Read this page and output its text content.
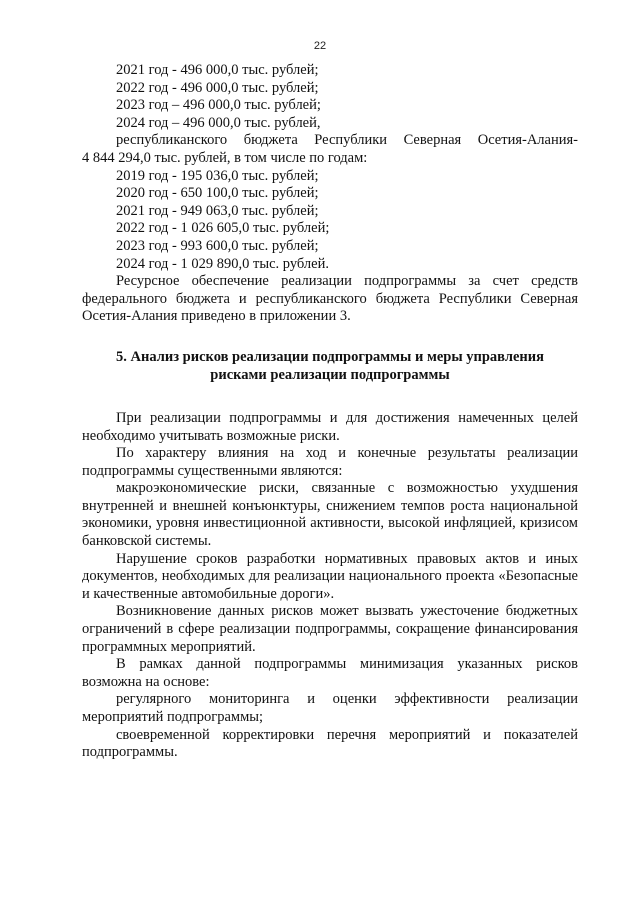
22
2021 год - 496 000,0 тыс. рублей;
2022 год - 496 000,0 тыс. рублей;
2023 год – 496 000,0 тыс. рублей;
2024 год – 496 000,0 тыс. рублей,
республиканского бюджета Республики Северная Осетия-Алания-
4 844 294,0 тыс. рублей, в том числе по годам:
2019 год - 195 036,0 тыс. рублей;
2020 год - 650 100,0 тыс. рублей;
2021 год - 949 063,0 тыс. рублей;
2022 год - 1 026 605,0 тыс. рублей;
2023 год - 993 600,0 тыс. рублей;
2024 год - 1 029 890,0 тыс. рублей.
Ресурсное обеспечение реализации подпрограммы за счет средств федерального бюджета и республиканского бюджета Республики Северная Осетия-Алания приведено в приложении 3.
5. Анализ рисков реализации подпрограммы и меры управления
рисками реализации подпрограммы
При реализации подпрограммы и для достижения намеченных целей необходимо учитывать возможные риски.
По характеру влияния на ход и конечные результаты реализации подпрограммы существенными являются:
макроэкономические риски, связанные с возможностью ухудшения внутренней и внешней конъюнктуры, снижением темпов роста национальной экономики, уровня инвестиционной активности, высокой инфляцией, кризисом банковской системы.
Нарушение сроков разработки нормативных правовых актов и иных документов, необходимых для реализации национального проекта «Безопасные и качественные автомобильные дороги».
Возникновение данных рисков может вызвать ужесточение бюджетных ограничений в сфере реализации подпрограммы, сокращение финансирования программных мероприятий.
В рамках данной подпрограммы минимизация указанных рисков возможна на основе:
регулярного мониторинга и оценки эффективности реализации мероприятий подпрограммы;
своевременной корректировки перечня мероприятий и показателей подпрограммы.
